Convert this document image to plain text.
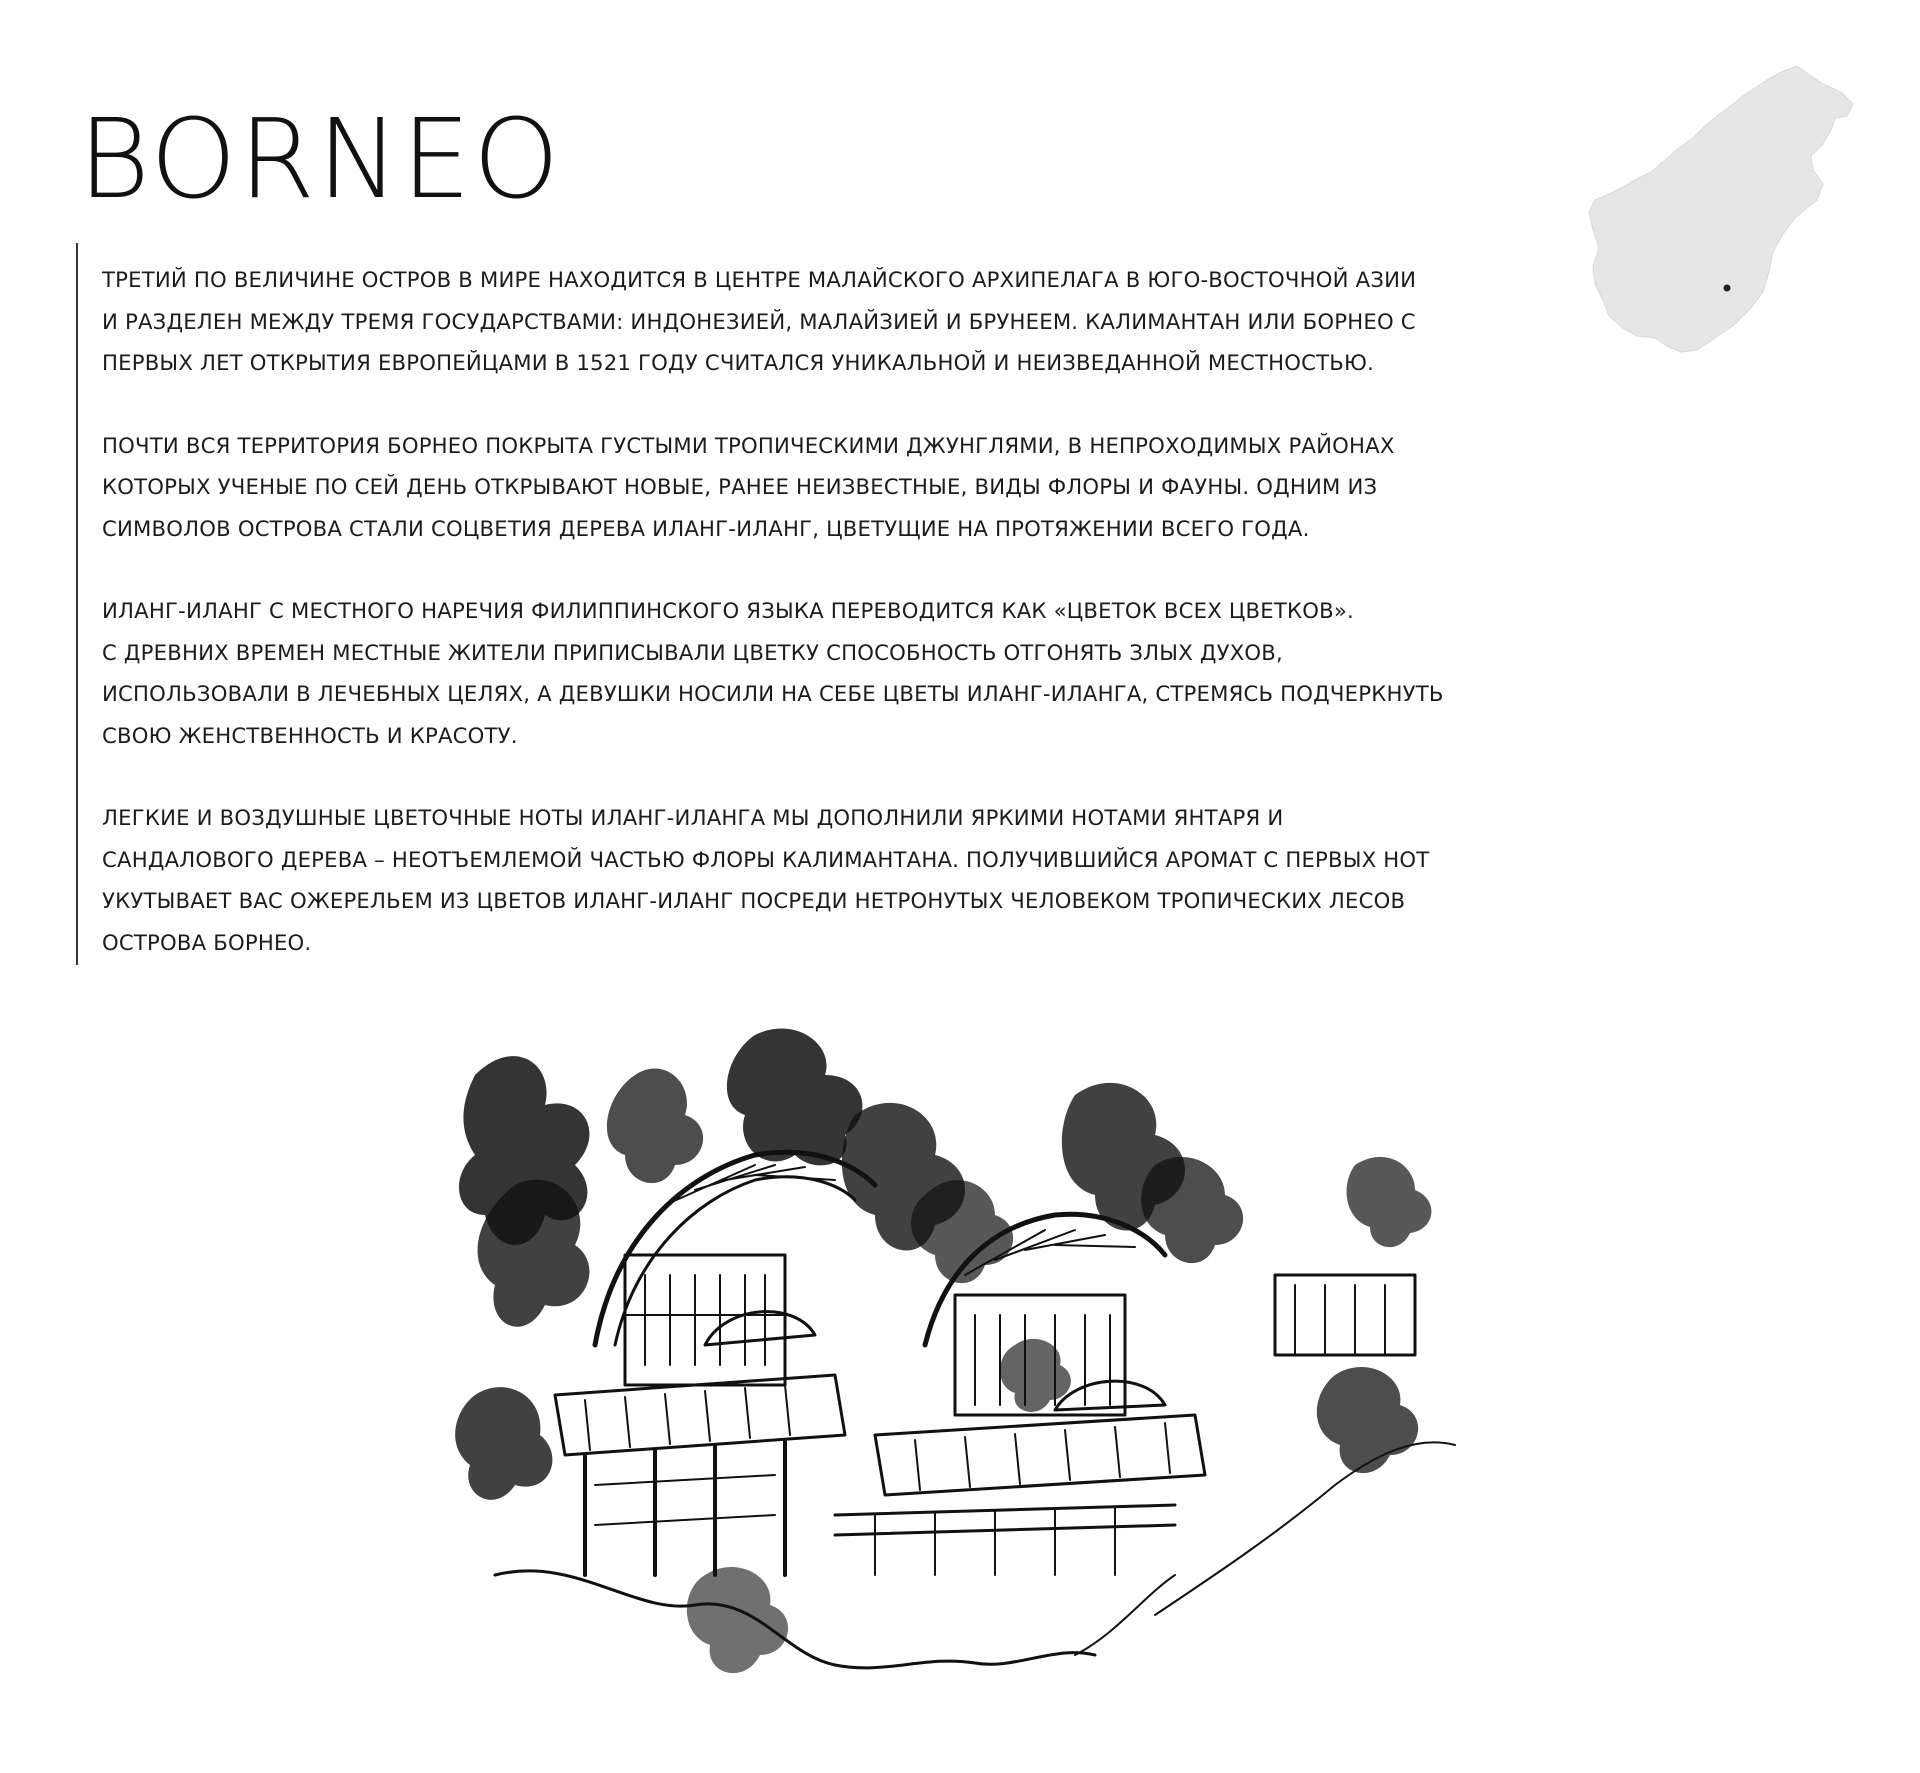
BORNEO

ТРЕТИЙ ПО ВЕЛИЧИНЕ ОСТРОВ В МИРЕ НАХОДИТСЯ В ЦЕНТРЕ МАЛАЙСКОГО АРХИПЕЛАГА В ЮГО-ВОСТОЧНОЙ АЗИИ
И РАЗДЕЛЕН МЕЖДУ ТРЕМЯ ГОСУДАРСТВАМИ: ИНДОНЕЗИЕЙ, МАЛАЙЗИЕЙ И БРУНЕЕМ. КАЛИМАНТАН ИЛИ БОРНЕО С
ПЕРВЫХ ЛЕТ ОТКРЫТИЯ ЕВРОПЕЙЦАМИ В 1521 ГОДУ СЧИТАЛСЯ УНИКАЛЬНОЙ И НЕИЗВЕДАННОЙ МЕСТНОСТЬЮ.

ПОЧТИ ВСЯ ТЕРРИТОРИЯ БОРНЕО ПОКРЫТА ГУСТЫМИ ТРОПИЧЕСКИМИ ДЖУНГЛЯМИ, В НЕПРОХОДИМЫХ РАЙОНАХ
КОТОРЫХ УЧЕНЫЕ ПО СЕЙ ДЕНЬ ОТКРЫВАЮТ НОВЫЕ, РАНЕЕ НЕИЗВЕСТНЫЕ, ВИДЫ ФЛОРЫ И ФАУНЫ. ОДНИМ ИЗ
СИМВОЛОВ ОСТРОВА СТАЛИ СОЦВЕТИЯ ДЕРЕВА ИЛАНГ-ИЛАНГ, ЦВЕТУЩИЕ НА ПРОТЯЖЕНИИ ВСЕГО ГОДА.

ИЛАНГ-ИЛАНГ С МЕСТНОГО НАРЕЧИЯ ФИЛИППИНСКОГО ЯЗЫКА ПЕРЕВОДИТСЯ КАК «ЦВЕТОК ВСЕХ ЦВЕТКОВ».
С ДРЕВНИХ ВРЕМЕН МЕСТНЫЕ ЖИТЕЛИ ПРИПИСЫВАЛИ ЦВЕТКУ СПОСОБНОСТЬ ОТГОНЯТЬ ЗЛЫХ ДУХОВ,
ИСПОЛЬЗОВАЛИ В ЛЕЧЕБНЫХ ЦЕЛЯХ, А ДЕВУШКИ НОСИЛИ НА СЕБЕ ЦВЕТЫ ИЛАНГ-ИЛАНГА, СТРЕМЯСЬ ПОДЧЕРКНУТЬ
СВОЮ ЖЕНСТВЕННОСТЬ И КРАСОТУ.

ЛЕГКИЕ И ВОЗДУШНЫЕ ЦВЕТОЧНЫЕ НОТЫ ИЛАНГ-ИЛАНГА МЫ ДОПОЛНИЛИ ЯРКИМИ НОТАМИ ЯНТАРЯ И
САНДАЛОВОГО ДЕРЕВА – НЕОТЪЕМЛЕМОЙ ЧАСТЬЮ ФЛОРЫ КАЛИМАНТАНА. ПОЛУЧИВШИЙСЯ АРОМАТ С ПЕРВЫХ НОТ
УКУТЫВАЕТ ВАС ОЖЕРЕЛЬЕМ ИЗ ЦВЕТОВ ИЛАНГ-ИЛАНГ ПОСРЕДИ НЕТРОНУТЫХ ЧЕЛОВЕКОМ ТРОПИЧЕСКИХ ЛЕСОВ
ОСТРОВА БОРНЕО.
